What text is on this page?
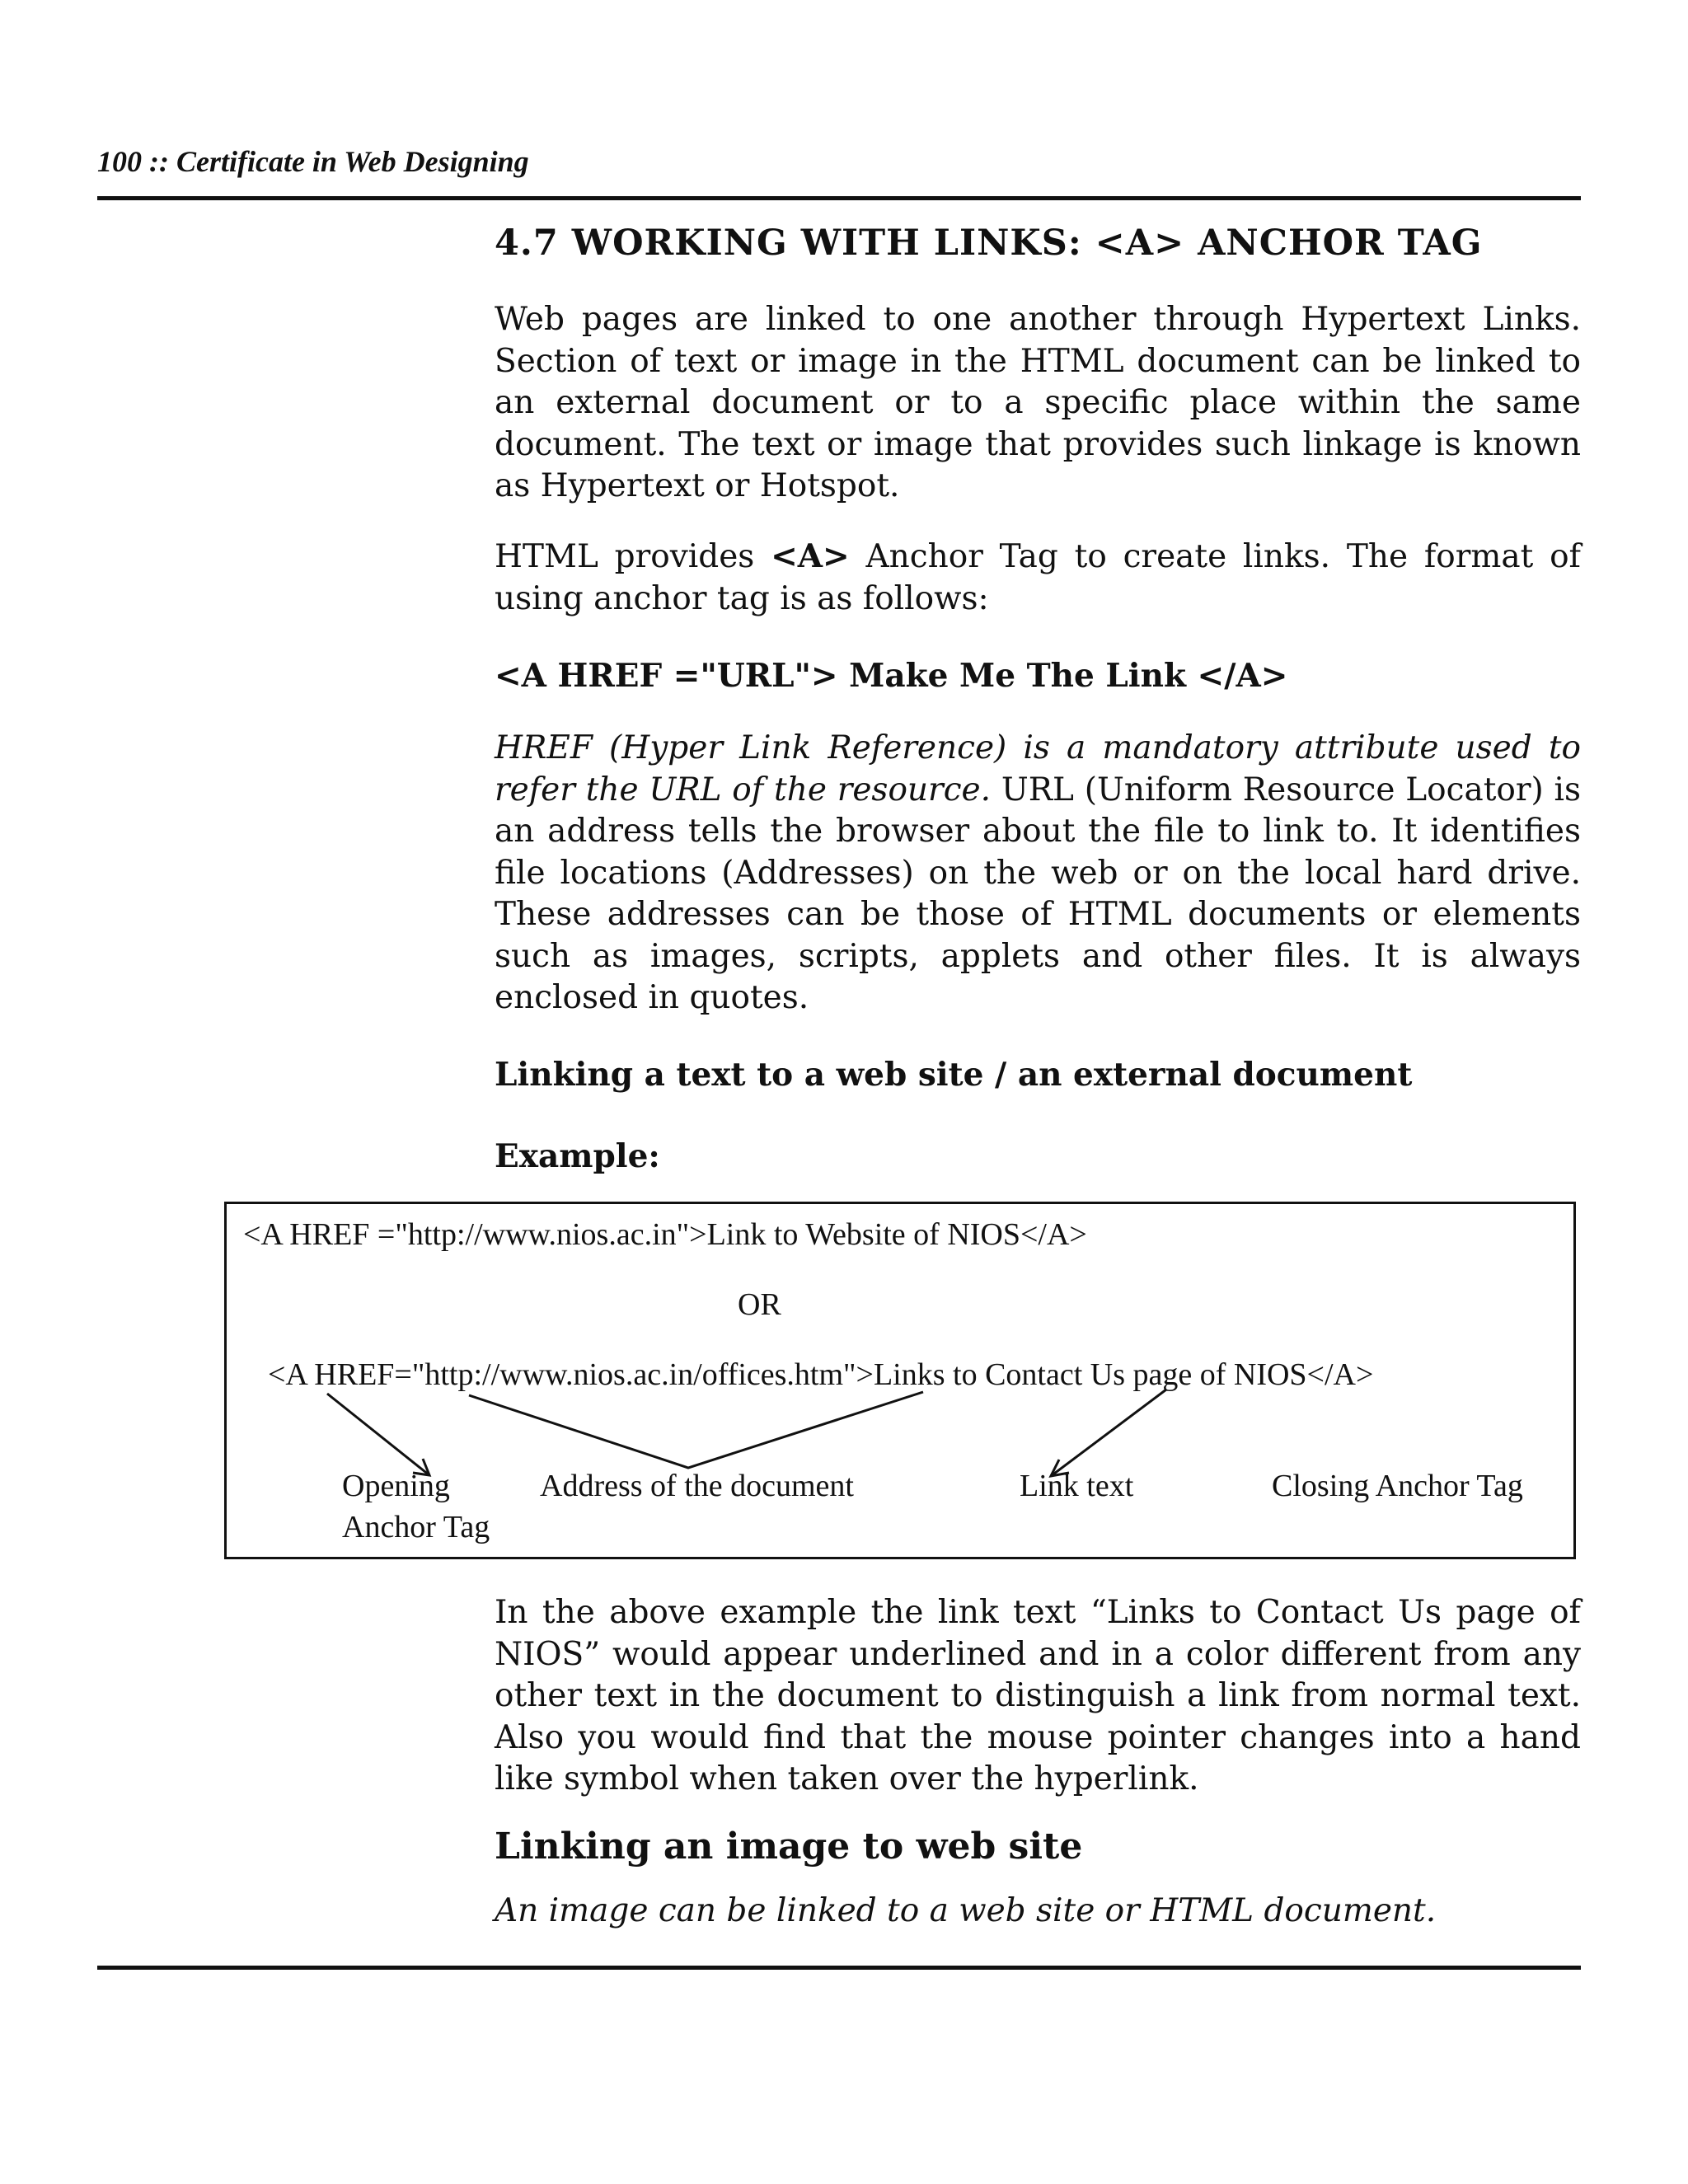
100 :: Certificate in Web Designing
4.7 WORKING WITH LINKS: <A> ANCHOR TAG

Web pages are linked to one another through Hypertext Links. Section of text or image in the HTML document can be linked to an external document or to a specific place within the same document. The text or image that provides such linkage is known as Hypertext or Hotspot.

HTML provides <A> Anchor Tag to create links. The format of using anchor tag is as follows:

<A HREF ="URL"> Make Me The Link </A>

HREF (Hyper Link Reference) is a mandatory attribute used to refer the URL of the resource. URL (Uniform Resource Locator) is an address tells the browser about the file to link to. It identifies file locations (Addresses) on the web or on the local hard drive. These addresses can be those of HTML documents or elements such as images, scripts, applets and other files. It is always enclosed in quotes.

Linking a text to a web site / an external document
Example:
<A HREF ="http://www.nios.ac.in">Link to Website of NIOS</A>
OR
<A HREF="http://www.nios.ac.in/offices.htm">Links to Contact Us page of NIOS</A>
Opening
Anchor Tag
Address of the document	Link text	Closing Anchor Tag

In the above example the link text “Links to Contact Us page of NIOS” would appear underlined and in a color different from any other text in the document to distinguish a link from normal text. Also you would find that the mouse pointer changes into a hand like symbol when taken over the hyperlink.

Linking an image to web site
An image can be linked to a web site or HTML document.
